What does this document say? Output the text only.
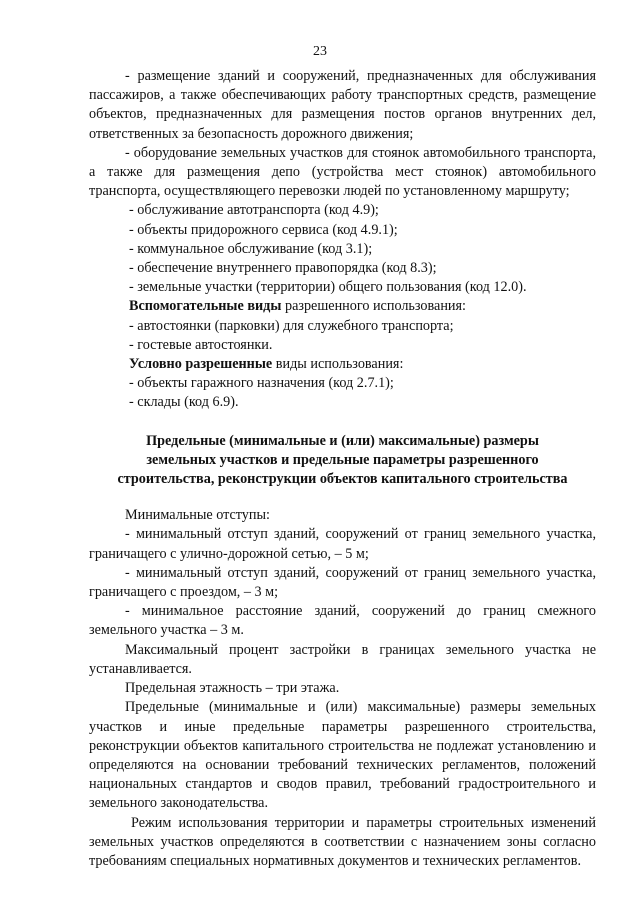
23

- размещение зданий и сооружений, предназначенных для обслуживания пассажиров, а также обеспечивающих работу транспортных средств, размещение объектов, предназначенных для размещения постов органов внутренних дел, ответственных за безопасность дорожного движения;

- оборудование земельных участков для стоянок автомобильного транспорта, а также для размещения депо (устройства мест стоянок) автомобильного транспорта, осуществляющего перевозки людей по установленному маршруту;

- обслуживание автотранспорта (код 4.9);

- объекты придорожного сервиса (код 4.9.1);

- коммунальное обслуживание (код 3.1);

- обеспечение внутреннего правопорядка (код 8.3);

- земельные участки (территории) общего пользования (код 12.0).

Вспомогательные виды разрешенного использования:

- автостоянки (парковки) для служебного транспорта;

- гостевые автостоянки.

Условно разрешенные виды использования:

- объекты гаражного назначения (код 2.7.1);

- склады (код 6.9).

Предельные (минимальные и (или) максимальные) размеры
земельных участков и предельные параметры разрешенного
строительства, реконструкции объектов капитального строительства

Минимальные отступы:

- минимальный отступ зданий, сооружений от границ земельного участка, граничащего с улично-дорожной сетью, – 5 м;

- минимальный отступ зданий, сооружений от границ земельного участка, граничащего с проездом, – 3 м;

- минимальное расстояние зданий, сооружений до границ смежного земельного участка – 3 м.

Максимальный процент застройки в границах земельного участка не устанавливается.

Предельная этажность – три этажа.

Предельные (минимальные и (или) максимальные) размеры земельных участков и иные предельные параметры разрешенного строительства, реконструкции объектов капитального строительства не подлежат установлению и определяются на основании требований технических регламентов, положений национальных стандартов и сводов правил, требований градостроительного и земельного законодательства.

Режим использования территории и параметры строительных изменений земельных участков определяются в соответствии с назначением зоны согласно требованиям специальных нормативных документов и технических регламентов.
